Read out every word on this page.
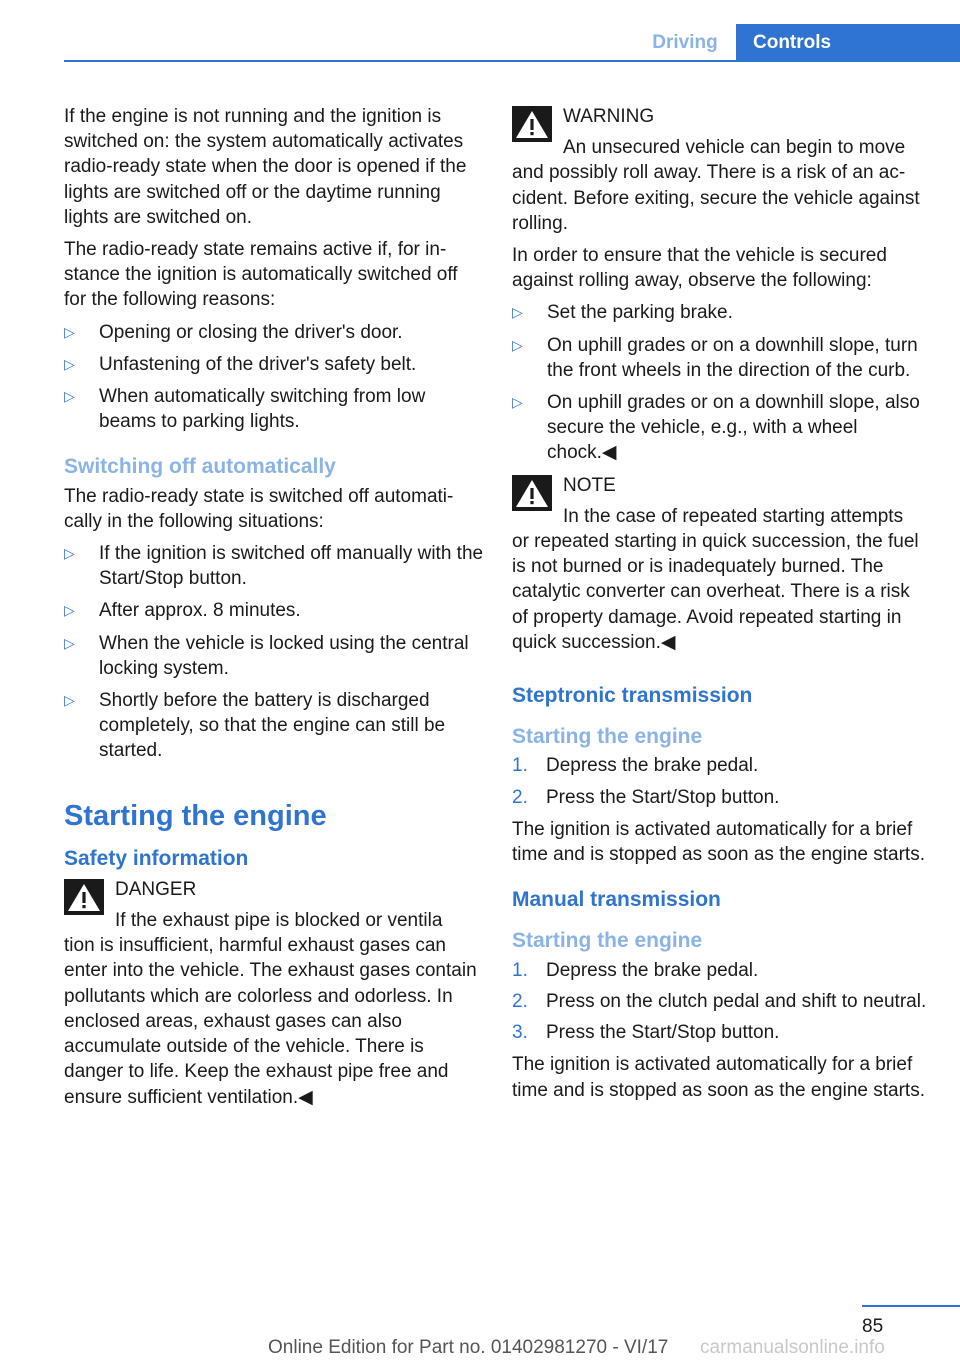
Driving	Controls

If the engine is not running and the ignition is switched on: the system automatically activates radio-ready state when the door is opened if the lights are switched off or the daytime running lights are switched on.

The radio-ready state remains active if, for instance the ignition is automatically switched off for the following reasons:

▷ Opening or closing the driver's door.
▷ Unfastening of the driver's safety belt.
▷ When automatically switching from low beams to parking lights.
Switching off automatically

The radio-ready state is switched off automatically in the following situations:

▷ If the ignition is switched off manually with the Start/Stop button.
▷ After approx. 8 minutes.
▷ When the vehicle is locked using the central locking system.
▷ Shortly before the battery is discharged completely, so that the engine can still be started.
Starting the engine
Safety information
DANGER
If the exhaust pipe is blocked or ventila
tion is insufficient, harmful exhaust gases can enter into the vehicle. The exhaust gases contain pollutants which are colorless and odorless. In enclosed areas, exhaust gases can also accumulate outside of the vehicle. There is danger to life. Keep the exhaust pipe free and ensure sufficient ventilation.◀
WARNING
An unsecured vehicle can begin to move
and possibly roll away. There is a risk of an accident. Before exiting, secure the vehicle against rolling.

In order to ensure that the vehicle is secured against rolling away, observe the following:

▷ Set the parking brake.
▷ On uphill grades or on a downhill slope, turn the front wheels in the direction of the curb.
▷ On uphill grades or on a downhill slope, also secure the vehicle, e.g., with a wheel chock.◀
NOTE
In the case of repeated starting attempts
or repeated starting in quick succession, the fuel is not burned or is inadequately burned. The catalytic converter can overheat. There is a risk of property damage. Avoid repeated starting in quick succession.◀
Steptronic transmission
Starting the engine
1. Depress the brake pedal.
2. Press the Start/Stop button.

The ignition is activated automatically for a brief time and is stopped as soon as the engine starts.

Manual transmission
Starting the engine
1. Depress the brake pedal.
2. Press on the clutch pedal and shift to neutral.
3. Press the Start/Stop button.

The ignition is activated automatically for a brief time and is stopped as soon as the engine starts.

85
Online Edition for Part no. 01402981270 - VI/17 carmanualsonline.info
